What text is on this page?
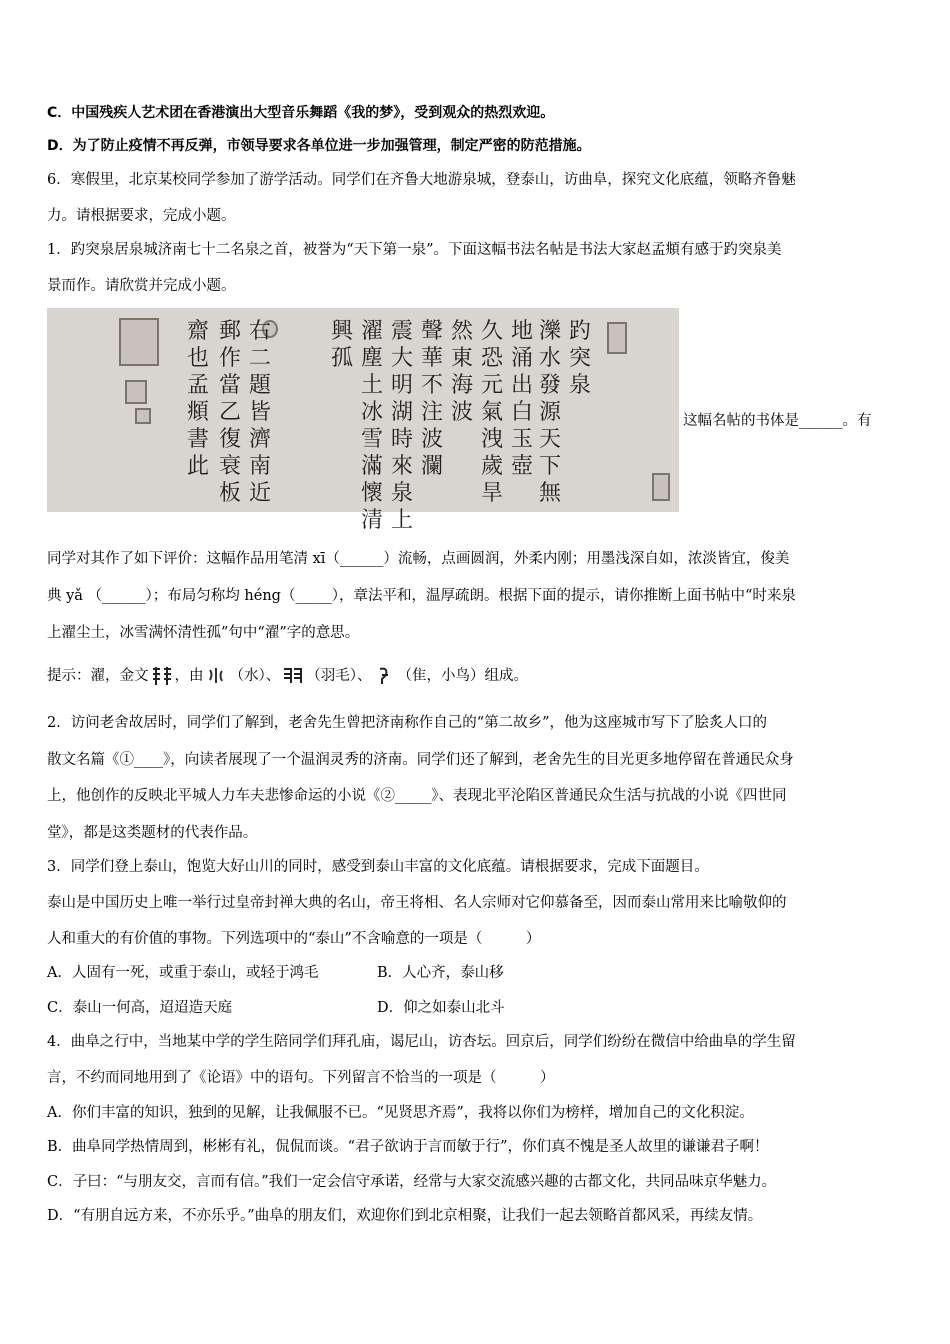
C．中国残疾人艺术团在香港演出大型音乐舞蹈《我的梦》，受到观众的热烈欢迎。
D．为了防止疫情不再反弹，市领导要求各单位进一步加强管理，制定严密的防范措施。
6．寒假里，北京某校同学参加了游学活动。同学们在齐鲁大地游泉城，登泰山，访曲阜，探究文化底蕴，领略齐鲁魅
力。请根据要求，完成小题。
1．趵突泉居泉城济南七十二名泉之首，被誉为“天下第一泉”。下面这幅书法名帖是书法大家赵孟頫有感于趵突泉美
景而作。请欣赏并完成小题。
趵突泉
濼水發源天下無
地涌出白玉壺
久恐元氣洩歲旱
然東海波
聲華不注波瀾
震大明湖時來泉上
濯塵土冰雪滿懷清
興孤
右二題皆濟南近
郵作當乙復衰板
齋也孟頫書此
这幅名帖的书体是______。有
同学对其作了如下评价：这幅作品用笔清 xī（______）流畅，点画圆润，外柔内刚；用墨浅深自如，浓淡皆宜，俊美
典 yǎ （______）；布局匀称均 héng（_____），章法平和，温厚疏朗。根据下面的提示，请你推断上面书帖中“时来泉
上濯尘土，冰雪满怀清性孤”句中“濯”字的意思。
提示：濯，金文 ，由 （水）、 （羽毛）、 （隹，小鸟）组成。
2．访问老舍故居时，同学们了解到，老舍先生曾把济南称作自己的“第二故乡”，他为这座城市写下了脍炙人口的
散文名篇《①____》，向读者展现了一个温润灵秀的济南。同学们还了解到，老舍先生的目光更多地停留在普通民众身
上，他创作的反映北平城人力车夫悲惨命运的小说《②_____》、表现北平沦陷区普通民众生活与抗战的小说《四世同
堂》，都是这类题材的代表作品。
3．同学们登上泰山，饱览大好山川的同时，感受到泰山丰富的文化底蕴。请根据要求，完成下面题目。
泰山是中国历史上唯一举行过皇帝封禅大典的名山，帝王将相、名人宗师对它仰慕备至，因而泰山常用来比喻敬仰的
人和重大的有价值的事物。下列选项中的“泰山”不含喻意的一项是（　　　）
A．人固有一死，或重于泰山，或轻于鸿毛	B．人心齐，泰山移
C．泰山一何高，迢迢造天庭	D．仰之如泰山北斗
4．曲阜之行中，当地某中学的学生陪同学们拜孔庙，谒尼山，访杏坛。回京后，同学们纷纷在微信中给曲阜的学生留
言，不约而同地用到了《论语》中的语句。下列留言不恰当的一项是（　　　）
A．你们丰富的知识，独到的见解，让我佩服不已。“见贤思齐焉”，我将以你们为榜样，增加自己的文化积淀。
B．曲阜同学热情周到，彬彬有礼，侃侃而谈。“君子欲讷于言而敏于行”，你们真不愧是圣人故里的谦谦君子啊！
C．子曰：“与朋友交，言而有信。”我们一定会信守承诺，经常与大家交流感兴趣的古都文化，共同品味京华魅力。
D．“有朋自远方来，不亦乐乎。”曲阜的朋友们，欢迎你们到北京相聚，让我们一起去领略首都风采，再续友情。
